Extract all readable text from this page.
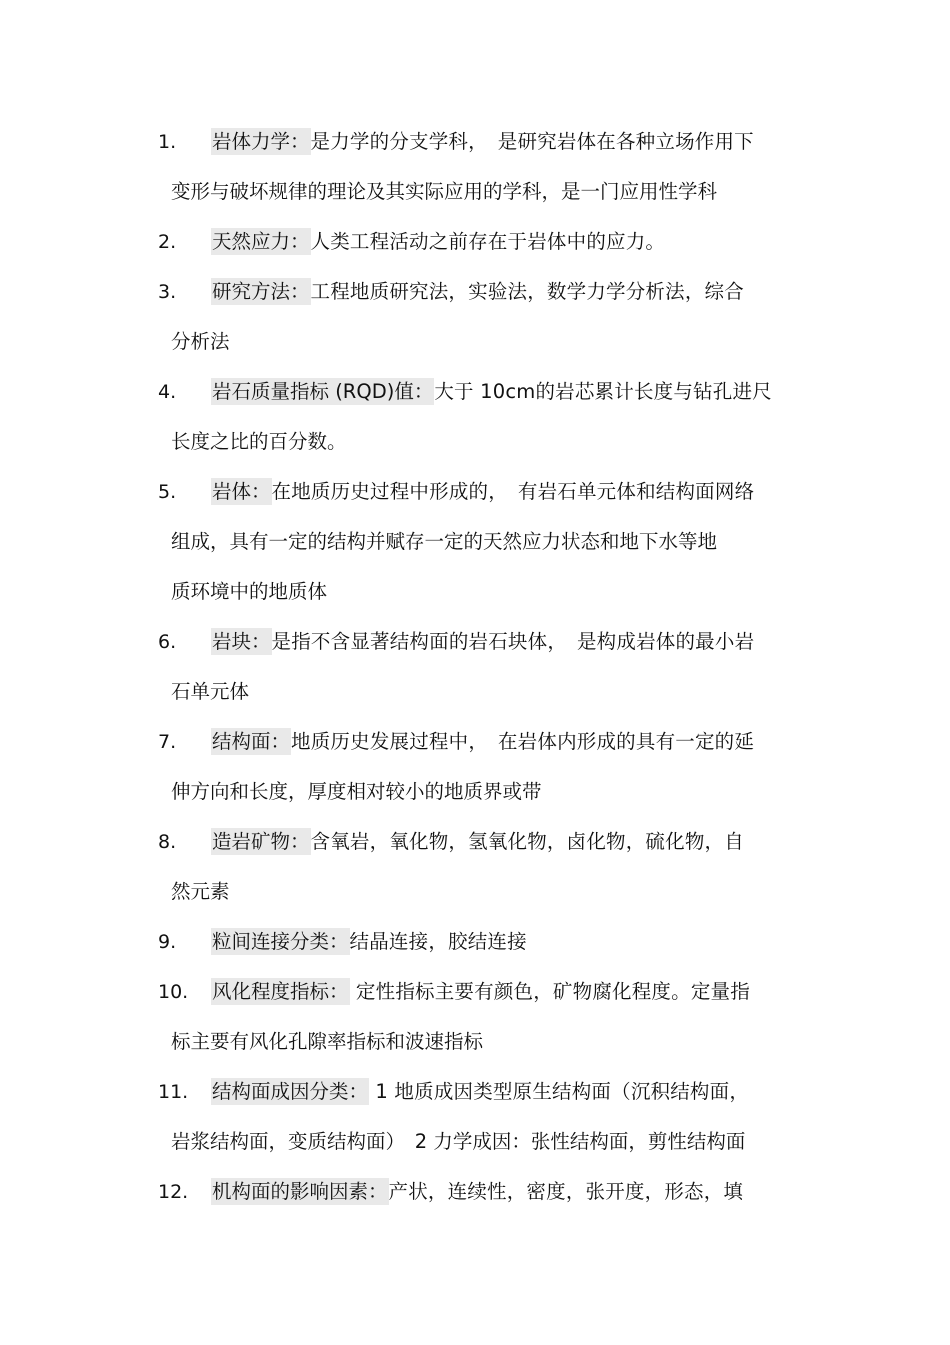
1. 岩体力学：是力学的分支学科，　是研究岩体在各种立场作用下
变形与破坏规律的理论及其实际应用的学科，是一门应用性学科
2. 天然应力：人类工程活动之前存在于岩体中的应力。
3. 研究方法：工程地质研究法，实验法，数学力学分析法，综合
分析法
4. 岩石质量指标 (RQD)值：大于 10cm的岩芯累计长度与钻孔进尺
长度之比的百分数。
5. 岩体：在地质历史过程中形成的，　有岩石单元体和结构面网络
组成，具有一定的结构并赋存一定的天然应力状态和地下水等地
质环境中的地质体
6. 岩块：是指不含显著结构面的岩石块体，　是构成岩体的最小岩
石单元体
7. 结构面：地质历史发展过程中，　在岩体内形成的具有一定的延
伸方向和长度，厚度相对较小的地质界或带
8. 造岩矿物：含氧岩，氧化物，氢氧化物，卤化物，硫化物，自
然元素
9. 粒间连接分类：结晶连接，胶结连接
10. 风化程度指标： 定性指标主要有颜色，矿物腐化程度。定量指
标主要有风化孔隙率指标和波速指标
11. 结构面成因分类： 1 地质成因类型原生结构面（沉积结构面，
岩浆结构面，变质结构面）　2 力学成因：张性结构面，剪性结构面
12. 机构面的影响因素：产状，连续性，密度，张开度，形态，填
